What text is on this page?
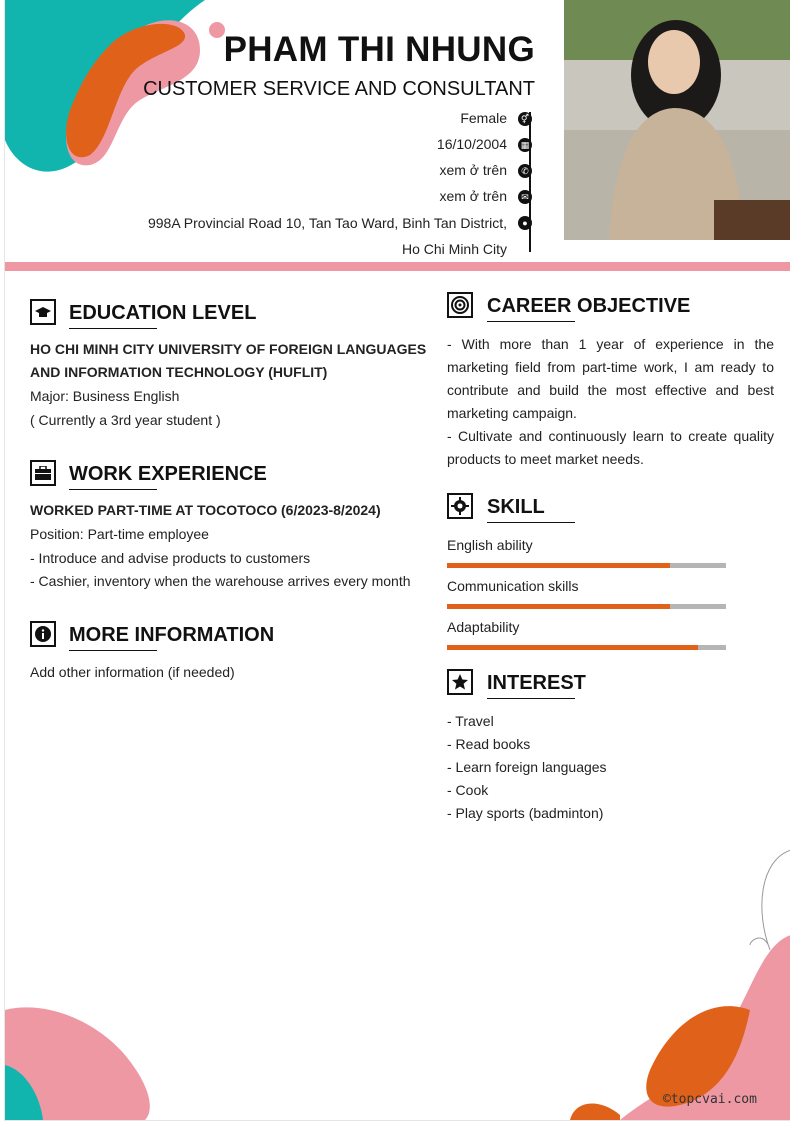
PHAM THI NHUNG
CUSTOMER SERVICE AND CONSULTANT
Female	⚥
16/10/2004	▦
xem ở trên	✆
xem ở trên	✉
998A Provincial Road 10, Tan Tao Ward, Binh Tan District, Ho Chi Minh City
●
EDUCATION LEVEL
HO CHI MINH CITY UNIVERSITY OF FOREIGN LANGUAGES
AND INFORMATION TECHNOLOGY (HUFLIT)
Major: Business English
( Currently a 3rd year student )
WORK EXPERIENCE
WORKED PART-TIME AT TOCOTOCO (6/2023-8/2024)
Position: Part-time employee
- Introduce and advise products to customers
- Cashier, inventory when the warehouse arrives every month
MORE INFORMATION
Add other information (if needed)
CAREER OBJECTIVE
- With more than 1 year of experience in the marketing field from part-time work, I am ready to contribute and build the most effective and best marketing campaign.
- Cultivate and continuously learn to create quality products to meet market needs.
SKILL
English ability
Communication skills
Adaptability
INTEREST
- Travel
- Read books
- Learn foreign languages
- Cook
- Play sports (badminton)
©topcvai.com
